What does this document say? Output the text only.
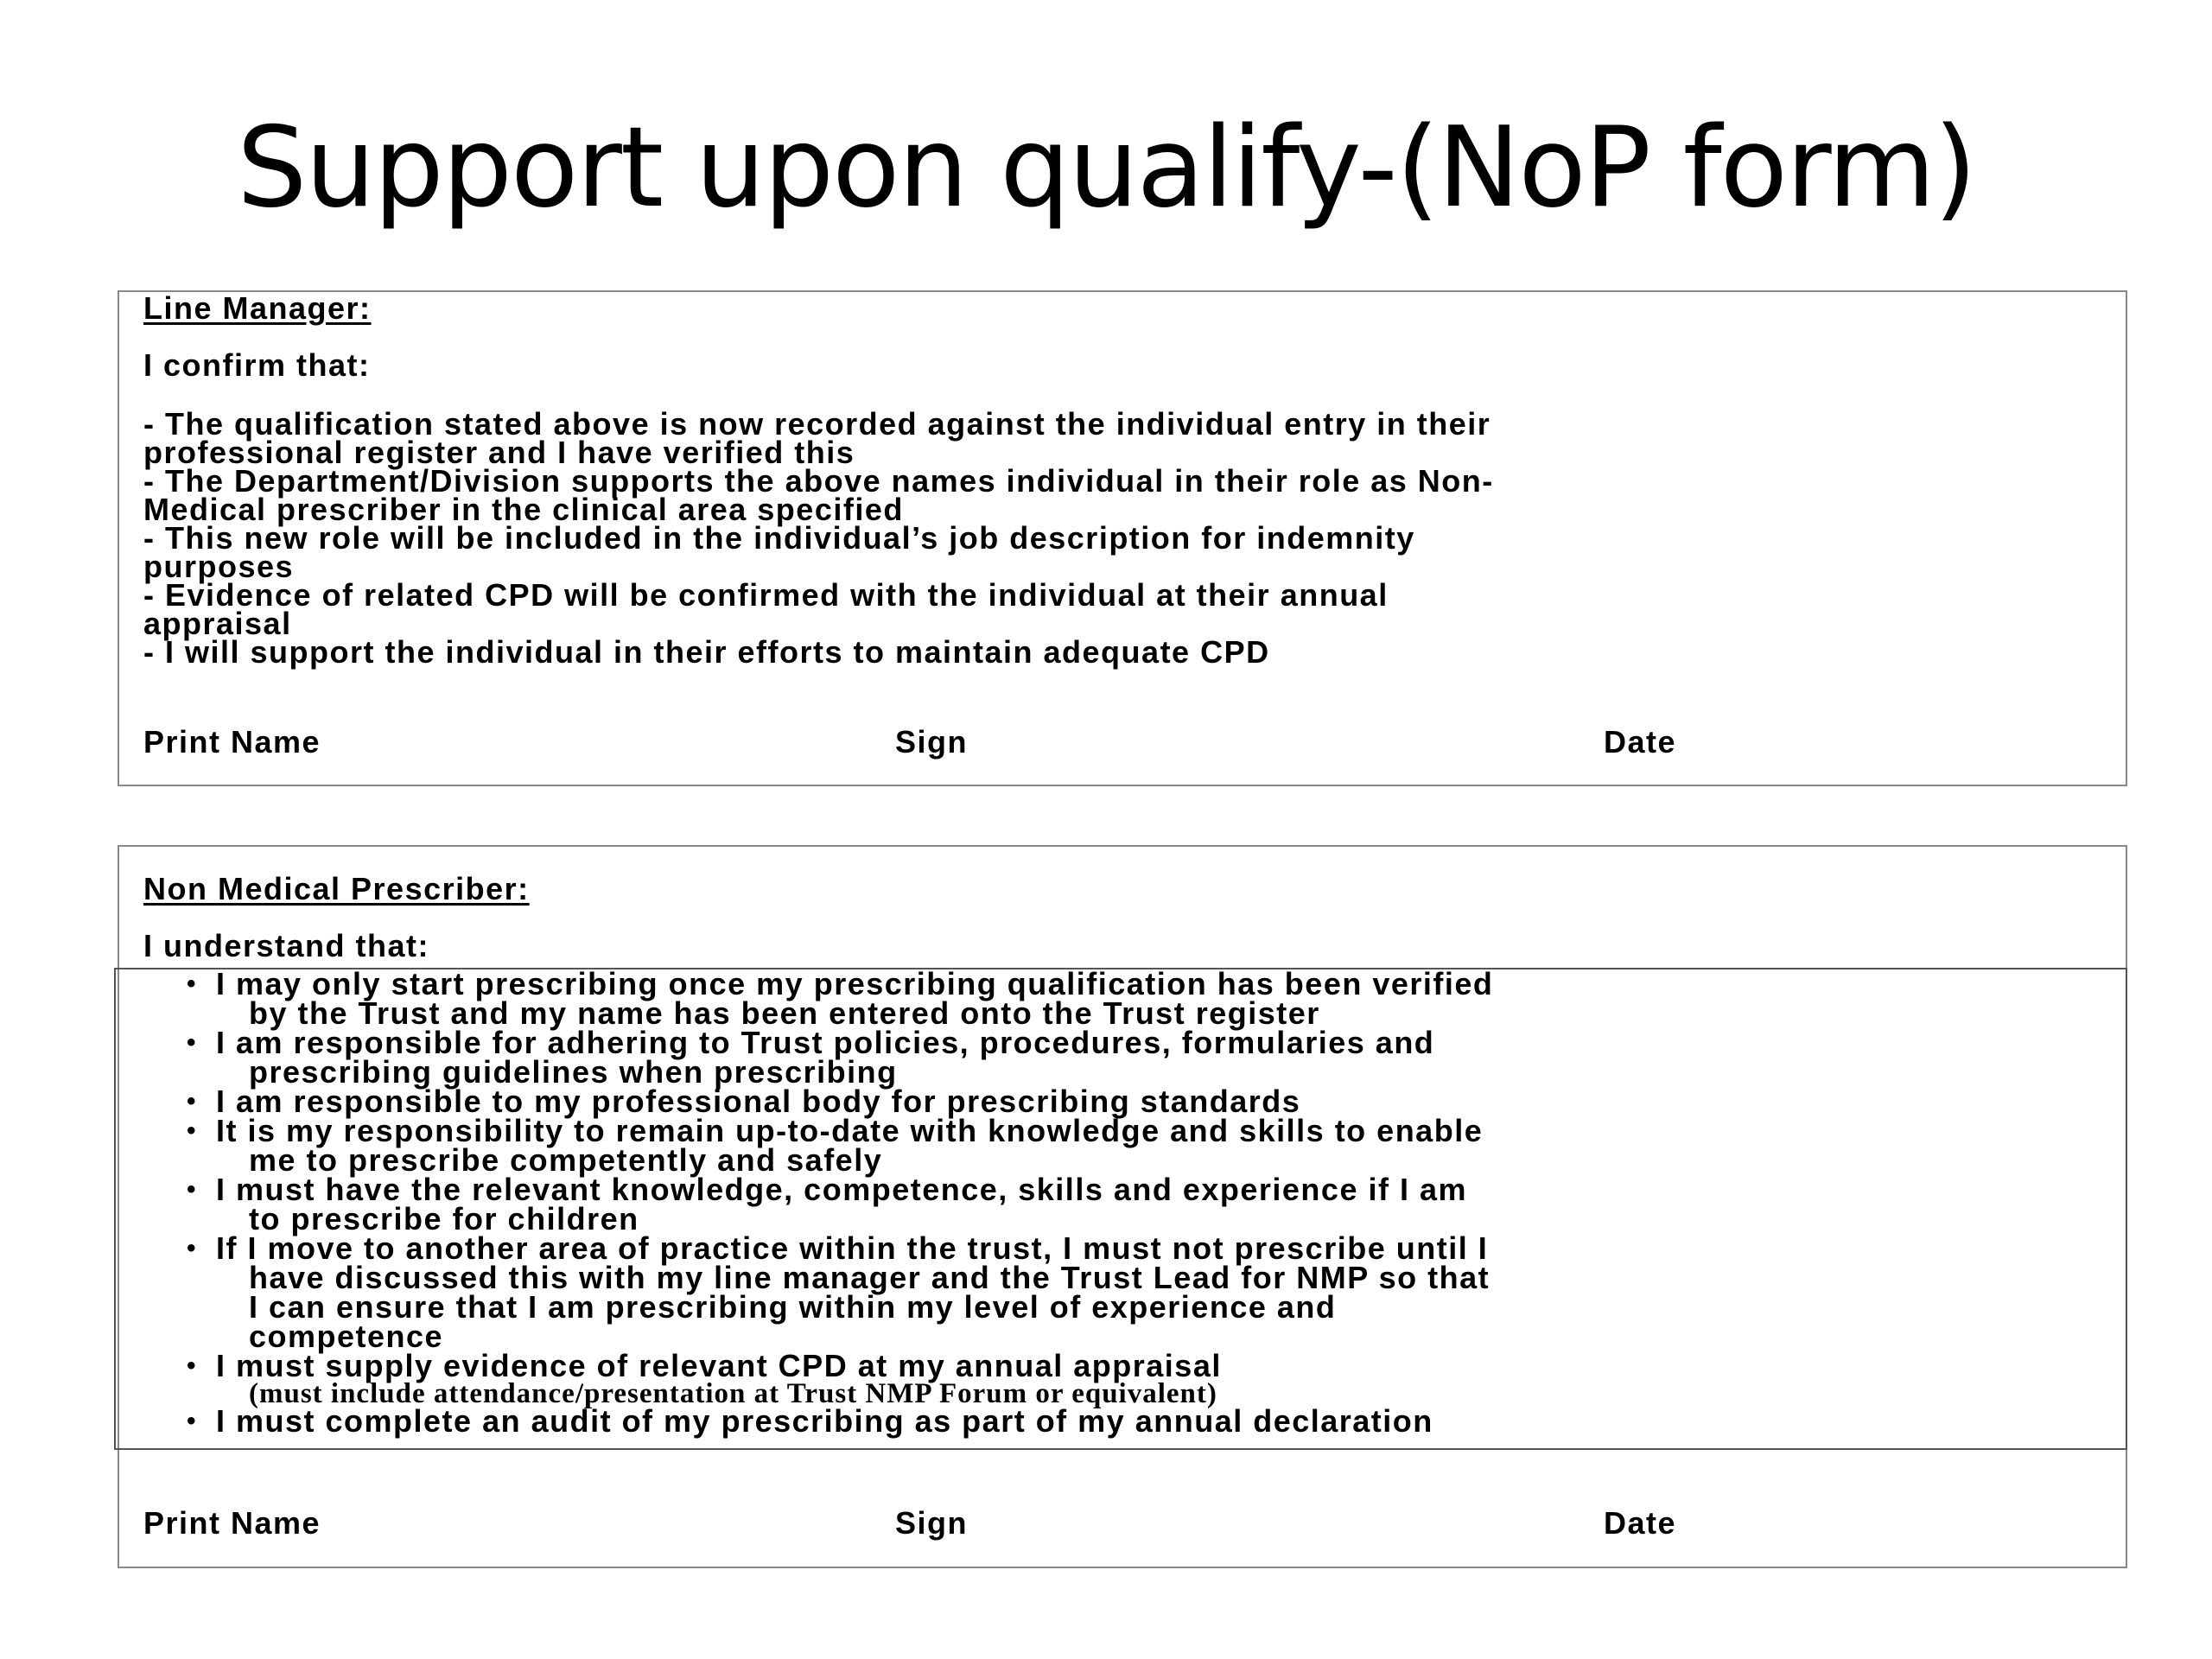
Support upon qualify-(NoP form)
Line Manager:
I confirm that:
- The qualification stated above is now recorded against the individual entry in their
professional register and I have verified this
- The Department/Division supports the above names individual in their role as Non-
Medical prescriber in the clinical area specified
- This new role will be included in the individual’s job description for indemnity
purposes
- Evidence of related CPD will be confirmed with the individual at their annual
appraisal
- I will support the individual in their efforts to maintain adequate CPD
Print Name	Sign	Date
Non Medical Prescriber:
I understand that:
• I may only start prescribing once my prescribing qualification has been verified
by the Trust and my name has been entered onto the Trust register
• I am responsible for adhering to Trust policies, procedures, formularies and
prescribing guidelines when prescribing
• I am responsible to my professional body for prescribing standards
• It is my responsibility to remain up-to-date with knowledge and skills to enable
me to prescribe competently and safely
• I must have the relevant knowledge, competence, skills and experience if I am
to prescribe for children
• If I move to another area of practice within the trust, I must not prescribe until I
have discussed this with my line manager and the Trust Lead for NMP so that
I can ensure that I am prescribing within my level of experience and
competence
• I must supply evidence of relevant CPD at my annual appraisal
(must include attendance/presentation at Trust NMP Forum or equivalent)
• I must complete an audit of my prescribing as part of my annual declaration
Print Name	Sign	Date
